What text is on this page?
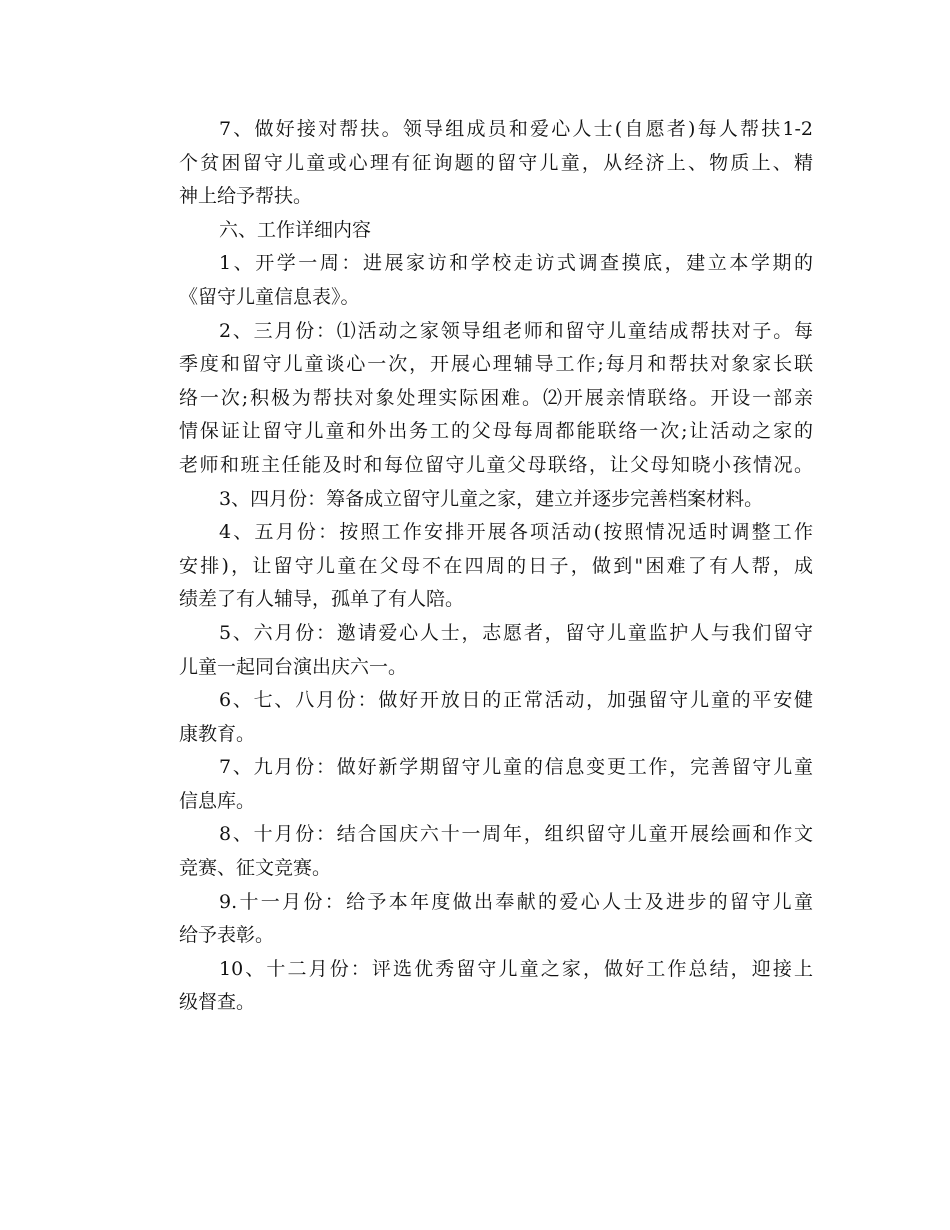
7、做好接对帮扶。领导组成员和爱心人士(自愿者)每人帮扶1-2
个贫困留守儿童或心理有征询题的留守儿童，从经济上、物质上、精
神上给予帮扶。

六、工作详细内容

1、开学一周：进展家访和学校走访式调查摸底，建立本学期的
《留守儿童信息表》。

2、三月份：⑴活动之家领导组老师和留守儿童结成帮扶对子。每
季度和留守儿童谈心一次，开展心理辅导工作;每月和帮扶对象家长联
络一次;积极为帮扶对象处理实际困难。⑵开展亲情联络。开设一部亲
情保证让留守儿童和外出务工的父母每周都能联络一次;让活动之家的
老师和班主任能及时和每位留守儿童父母联络，让父母知晓小孩情况。

3、四月份：筹备成立留守儿童之家，建立并逐步完善档案材料。

4、五月份：按照工作安排开展各项活动(按照情况适时调整工作
安排)，让留守儿童在父母不在四周的日子，做到"困难了有人帮，成
绩差了有人辅导，孤单了有人陪。

5、六月份：邀请爱心人士，志愿者，留守儿童监护人与我们留守
儿童一起同台演出庆六一。

6、七、八月份：做好开放日的正常活动，加强留守儿童的平安健
康教育。

7、九月份：做好新学期留守儿童的信息变更工作，完善留守儿童
信息库。

8、十月份：结合国庆六十一周年，组织留守儿童开展绘画和作文
竞赛、征文竞赛。

9.十一月份：给予本年度做出奉献的爱心人士及进步的留守儿童
给予表彰。

10、十二月份：评选优秀留守儿童之家，做好工作总结，迎接上
级督查。
